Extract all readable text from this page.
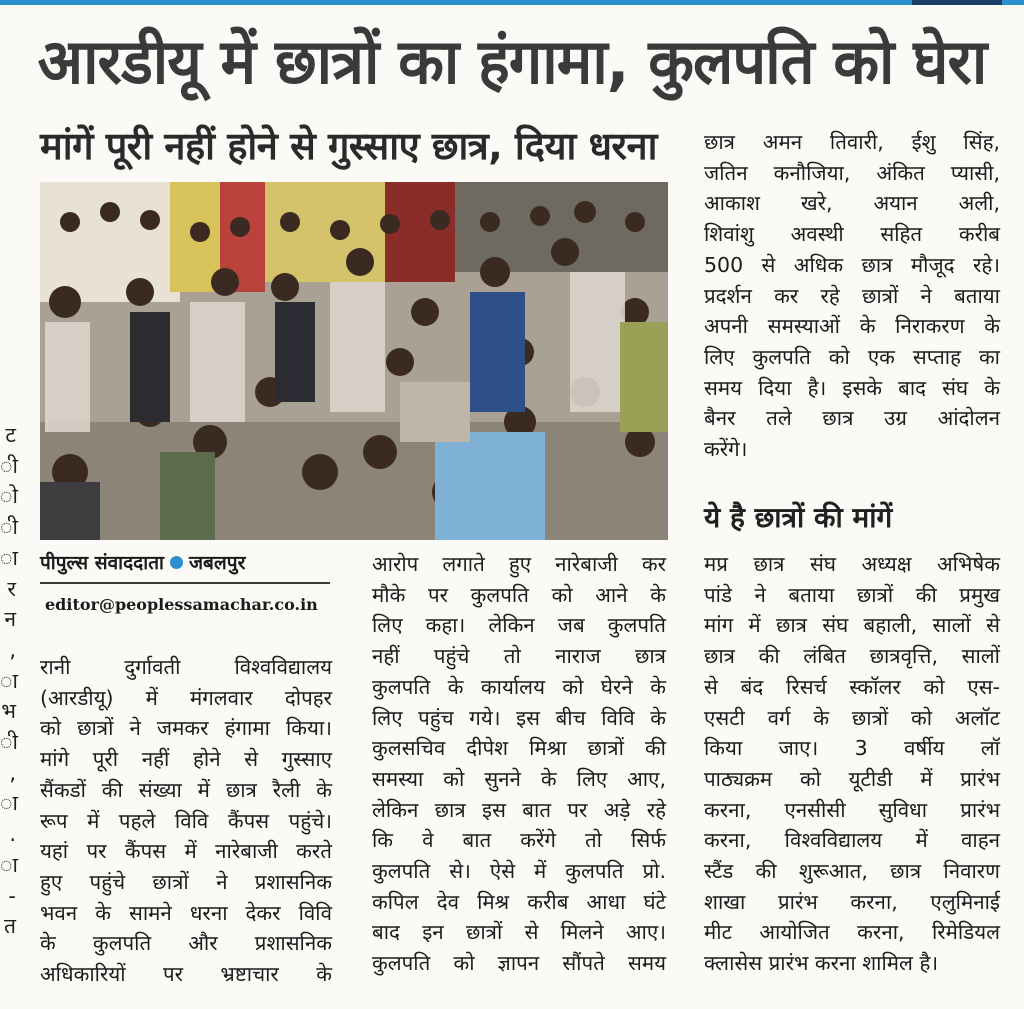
आरडीयू में छात्रों का हंगामा, कुलपति को घेरा
मांगें पूरी नहीं होने से गुस्साए छात्र, दिया धरना
ट
ी
ो
ी
ा
र
न
,
ा
भ
ी
,
ा
.
ा
-
त
पीपुल्स संवाददाता जबलपुर
editor@peoplessamachar.co.in
रानी दुर्गावती विश्वविद्यालय
(आरडीयू) में मंगलवार दोपहर
को छात्रों ने जमकर हंगामा किया।
मांगे पूरी नहीं होने से गुस्साए
सैंकडों की संख्या में छात्र रैली के
रूप में पहले विवि कैंपस पहुंचे।
यहां पर कैंपस में नारेबाजी करते
हुए पहुंचे छात्रों ने प्रशासनिक
भवन के सामने धरना देकर विवि
के कुलपति और प्रशासनिक
अधिकारियों पर भ्रष्टाचार के
आरोप लगाते हुए नारेबाजी कर
मौके पर कुलपति को आने के
लिए कहा। लेकिन जब कुलपति
नहीं पहुंचे तो नाराज छात्र
कुलपति के कार्यालय को घेरने के
लिए पहुंच गये। इस बीच विवि के
कुलसचिव दीपेश मिश्रा छात्रों की
समस्या को सुनने के लिए आए,
लेकिन छात्र इस बात पर अड़े रहे
कि वे बात करेंगे तो सिर्फ
कुलपति से। ऐसे में कुलपति प्रो.
कपिल देव मिश्र करीब आधा घंटे
बाद इन छात्रों से मिलने आए।
कुलपति को ज्ञापन सौंपते समय
छात्र अमन तिवारी, ईशु सिंह,
जतिन कनौजिया, अंकित प्यासी,
आकाश खरे, अयान अली,
शिवांशु अवस्थी सहित करीब
500 से अधिक छात्र मौजूद रहे।
प्रदर्शन कर रहे छात्रों ने बताया
अपनी समस्याओं के निराकरण के
लिए कुलपति को एक सप्ताह का
समय दिया है। इसके बाद संघ के
बैनर तले छात्र उग्र आंदोलन
करेंगे।
ये है छात्रों की मांगें
मप्र छात्र संघ अध्यक्ष अभिषेक
पांडे ने बताया छात्रों की प्रमुख
मांग में छात्र संघ बहाली, सालों से
छात्र की लंबित छात्रवृत्ति, सालों
से बंद रिसर्च स्कॉलर को एस-
एसटी वर्ग के छात्रों को अलॉट
किया जाए। 3 वर्षीय लॉ
पाठ्यक्रम को यूटीडी में प्रारंभ
करना, एनसीसी सुविधा प्रारंभ
करना, विश्वविद्यालय में वाहन
स्टैंड की शुरूआत, छात्र निवारण
शाखा प्रारंभ करना, एलुमिनाई
मीट आयोजित करना, रिमेडियल
क्लासेस प्रारंभ करना शामिल है।
